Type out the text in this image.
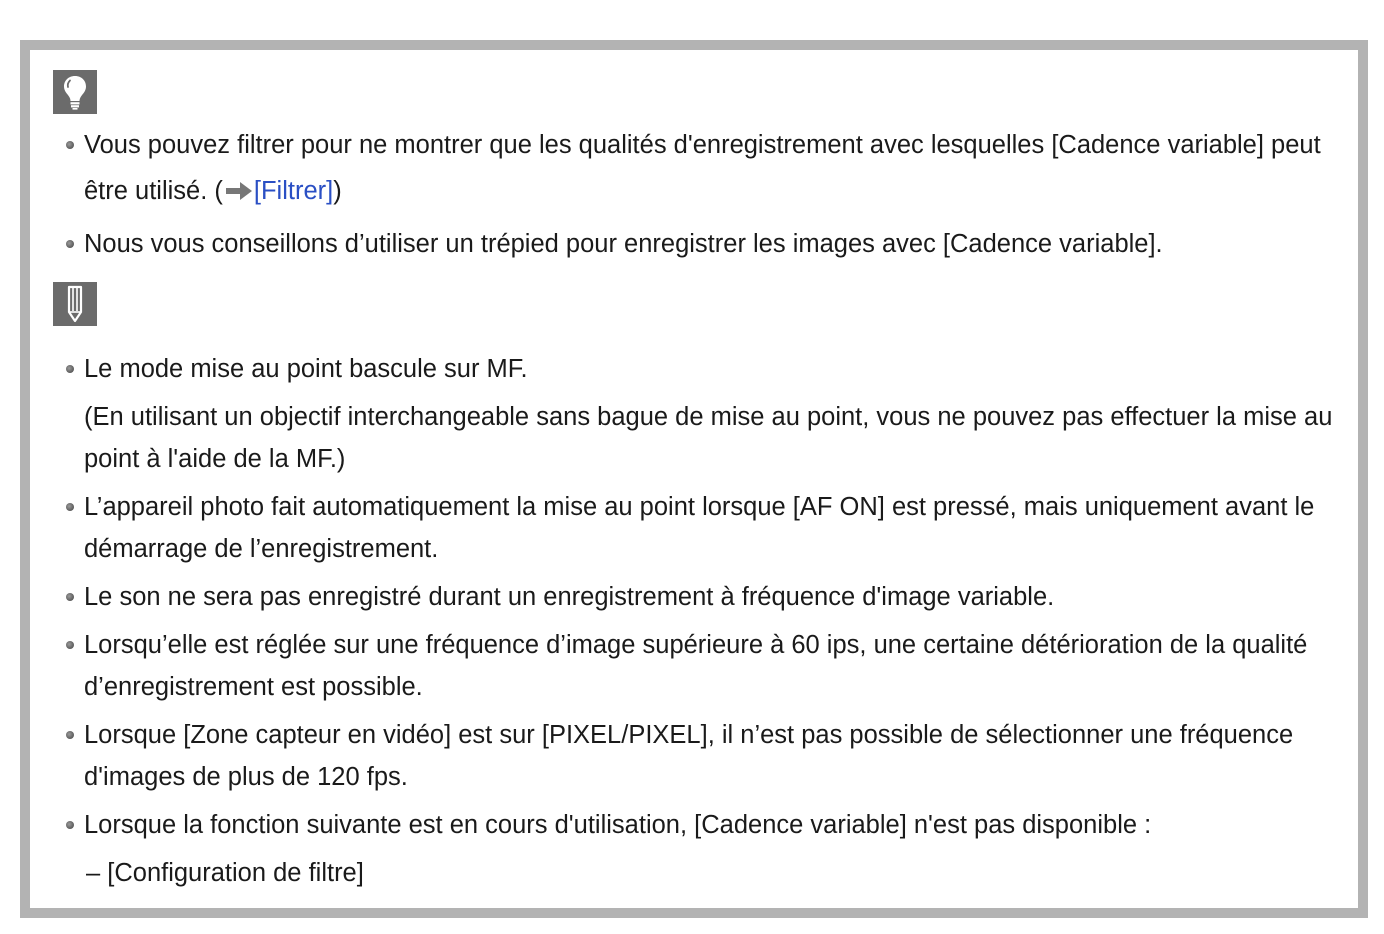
Vous pouvez filtrer pour ne montrer que les qualités d'enregistrement avec lesquelles [Cadence variable] peut être utilisé. ( [Filtrer])
Nous vous conseillons d’utiliser un trépied pour enregistrer les images avec [Cadence variable].
Le mode mise au point bascule sur MF.
(En utilisant un objectif interchangeable sans bague de mise au point, vous ne pouvez pas effectuer la mise au point à l'aide de la MF.)
L’appareil photo fait automatiquement la mise au point lorsque [AF ON] est pressé, mais uniquement avant le démarrage de l’enregistrement.
Le son ne sera pas enregistré durant un enregistrement à fréquence d'image variable.
Lorsqu’elle est réglée sur une fréquence d’image supérieure à 60 ips, une certaine détérioration de la qualité d’enregistrement est possible.
Lorsque [Zone capteur en vidéo] est sur [PIXEL/PIXEL], il n’est pas possible de sélectionner une fréquence d'images de plus de 120 fps.
Lorsque la fonction suivante est en cours d'utilisation, [Cadence variable] n'est pas disponible :
– [Configuration de filtre]
